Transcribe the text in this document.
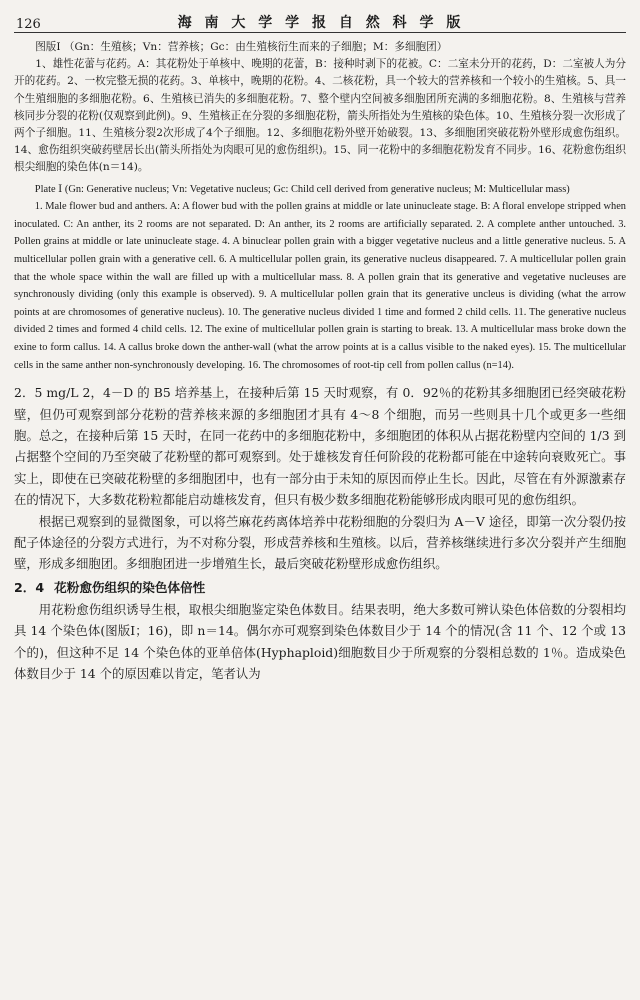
126	海 南 大 学 学 报 自 然 科 学 版

图版Ⅰ （Gn：生殖核；Vn：营养核；Gc：由生殖核衍生而来的子细胞；M：多细胞团）

1、雄性花蕾与花药。A：其花粉处于单核中、晚期的花蕾，B：接种时剥下的花被。C：二室未分开的花药，D：二室被人为分开的花药。2、一枚完整无损的花药。3、单核中，晚期的花粉。4、二核花粉，具一个较大的营养核和一个较小的生殖核。5、具一个生殖细胞的多细胞花粉。6、生殖核已消失的多细胞花粉。7、整个壁内空间被多细胞团所充满的多细胞花粉。8、生殖核与营养核同步分裂的花粉(仅观察到此例)。9、生殖核正在分裂的多细胞花粉，箭头所指处为生殖核的染色体。10、生殖核分裂一次形成了两个子细胞。11、生殖核分裂2次形成了4个子细胞。12、多细胞花粉外壁开始破裂。13、多细胞团突破花粉外壁形成愈伤组织。14、愈伤组织突破药壁居长出(箭头所指处为肉眼可见的愈伤组织)。15、同一花粉中的多细胞花粉发育不同步。16、花粉愈伤组织根尖细胞的染色体(n＝14)。

Plate Ⅰ (Gn: Generative nucleus; Vn: Vegetative nucleus; Gc: Child cell derived from generative nucleus; M: Multicellular mass)

1. Male flower bud and anthers. A: A flower bud with the pollen grains at middle or late uninucleate stage. B: A floral envelope stripped when inoculated. C: An anther, its 2 rooms are not separated. D: An anther, its 2 rooms are artificially separated. 2. A complete anther untouched. 3. Pollen grains at middle or late uninucleate stage. 4. A binuclear pollen grain with a bigger vegetative nucleus and a little generative nucleus. 5. A multicellular pollen grain with a generative cell. 6. A multicellular pollen grain, its generative nucleus disappeared. 7. A multicellular pollen grain that the whole space within the wall are filled up with a multicellular mass. 8. A pollen grain that its generative and vegetative nucleuses are synchronously dividing (only this example is observed). 9. A multicellular pollen grain that its generative uncleus is dividing (what the arrow points at are chromosomes of generative nucleus). 10. The generative nucleus divided 1 time and formed 2 child cells. 11. The generative nucleus divided 2 times and formed 4 child cells. 12. The exine of multicellular pollen grain is starting to break. 13. A multicellular mass broke down the exine to form callus. 14. A callus broke down the anther-wall (what the arrow points at is a callus visible to the naked eyes). 15. The multicellular cells in the same anther non-synchronously developing. 16. The chromosomes of root-tip cell from pollen callus (n=14).

2．5 mg/L 2，4－D 的 B5 培养基上，在接种后第 15 天时观察，有 0．92％的花粉其多细胞团已经突破花粉壁，但仍可观察到部分花粉的营养核来源的多细胞团才具有 4～8 个细胞，而另一些则具十几个或更多一些细胞。总之，在接种后第 15 天时，在同一花药中的多细胞花粉中，多细胞团的体积从占据花粉壁内空间的 1/3 到占据整个空间的乃至突破了花粉壁的都可观察到。处于雄核发育任何阶段的花粉都可能在中途转向衰败死亡。事实上，即使在已突破花粉壁的多细胞团中，也有一部分由于未知的原因而停止生长。因此，尽管在有外源激素存在的情况下，大多数花粉粒都能启动雄核发育，但只有极少数多细胞花粉能够形成肉眼可见的愈伤组织。

根据已观察到的显微图象，可以将苎麻花药离体培养中花粉细胞的分裂归为 A－V 途径，即第一次分裂仍按配子体途径的分裂方式进行，为不对称分裂，形成营养核和生殖核。以后，营养核继续进行多次分裂并产生细胞壁，形成多细胞团。多细胞团进一步增殖生长，最后突破花粉壁形成愈伤组织。

2．4 花粉愈伤组织的染色体倍性

用花粉愈伤组织诱导生根，取根尖细胞鉴定染色体数目。结果表明，绝大多数可辨认染色体倍数的分裂相均具 14 个染色体(图版Ⅰ；16)，即 n＝14。偶尔亦可观察到染色体数目少于 14 个的情况(含 11 个、12 个或 13 个的)，但这种不足 14 个染色体的亚单倍体(Hyphaploid)细胞数目少于所观察的分裂相总数的 1％。造成染色体数目少于 14 个的原因难以肯定，笔者认为
